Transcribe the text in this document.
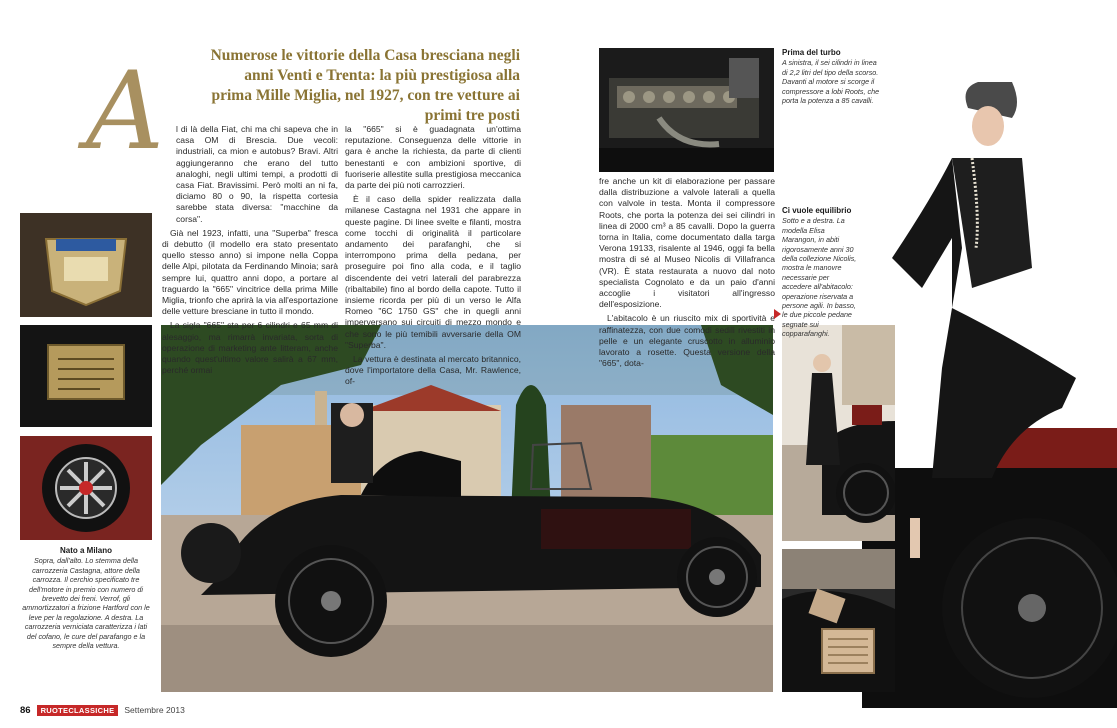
Numerose le vittorie della Casa bresciana negli anni Venti e Trenta: la più prestigiosa alla prima Mille Miglia, nel 1927, con tre vetture ai primi tre posti
A	l di là della Fiat, chi ma chi sapeva che in casa OM di Brescia. Due vecoli: industriali, ca mion e autobus? Bravi. Altri aggiungeranno che erano del tutto analoghi, negli ultimi tempi, a prodotti di casa Fiat. Bravissimi. Però molti an ni fa, diciamo 80 o 90, la rispetta cortesia sarebbe stata diversa: "macchine da corsa".

Già nel 1923, infatti, una "Superba" fresca di debutto (il modello era stato presentato quello stesso anno) si impone nella Coppa delle Alpi, pilotata da Ferdinando Minoia; sarà sempre lui, quattro anni dopo, a portare al traguardo la "665" vincitrice della prima Mille Miglia, trionfo che aprirà la via all'esportazione delle vetture bresciane in tutto il mondo.

La sigla "665" sta per 6 cilindri e 65 mm di alesaggio, ma rimarrà invariata, sorta di operazione di marketing ante litteram, anche quando quest'ultimo valore salirà a 67 mm, perché ormai

la "665" si è guadagnata un'ottima reputazione. Conseguenza delle vittorie in gara è anche la richiesta, da parte di clienti benestanti e con ambizioni sportive, di fuoriserie allestite sulla prestigiosa meccanica da parte dei più noti carrozzieri.

È il caso della spider realizzata dalla milanese Castagna nel 1931 che appare in queste pagine. Di linee svelte e filanti, mostra come tocchi di originalità il particolare andamento dei parafanghi, che si interrompono prima della pedana, per proseguire poi fino alla coda, e il taglio discendente dei vetri laterali del parabrezza (ribaltabile) fino al bordo della capote. Tutto il insieme ricorda per più di un verso le Alfa Romeo "6C 1750 GS" che in quegli anni imperversano sui circuiti di mezzo mondo e che sono le più temibili avversarie della OM "Superba".

La vettura è destinata al mercato britannico, dove l'importatore della Casa, Mr. Rawlence, of-

fre anche un kit di elaborazione per passare dalla distribuzione a valvole laterali a quella con valvole in testa. Monta il compressore Roots, che porta la potenza dei sei cilindri in linea di 2000 cm³ a 85 cavalli. Dopo la guerra torna in Italia, come documentato dalla targa Verona 19133, risalente al 1946, oggi fa bella mostra di sé al Museo Nicolis di Villafranca (VR). È stata restaurata a nuovo dal noto specialista Cognolato e da un paio d'anni accoglie i visitatori all'ingresso dell'esposizione.

L'abitacolo è un riuscito mix di sportività e raffinatezza, con due comodi sedili rivestiti in pelle e un elegante cruscotto in alluminio lavorato a rosette. Questa versione della "665", dota-

Prima del turbo
A sinistra, il sei cilindri in linea di 2,2 litri del tipo della scorso. Davanti al motore si scorge il compressore a lobi Roots, che porta la potenza a 85 cavalli.
Ci vuole equilibrio
Sotto e a destra. La modella Elisa Marangon, in abiti rigorosamente anni 30 della collezione Nicolis, mostra le manovre necessarie per accedere all'abitacolo: operazione riservata a persone agili. In basso, le due piccole pedane segnate sui copparafanghi.
Nato a Milano
Sopra, dall'alto. Lo stemma della carrozzeria Castagna, attore della carrozza. Il cerchio specificato tre dell'motore in premio con numero di brevetto dei freni. Verrof, gli ammortizzatori a frizione Hartford con le leve per la regolazione. A destra. La carrozzeria verniciata caratterizza i lati del cofano, le cure del parafango e la sempre della vettura.
86	RUOTECLASSICHE	Settembre 2013
